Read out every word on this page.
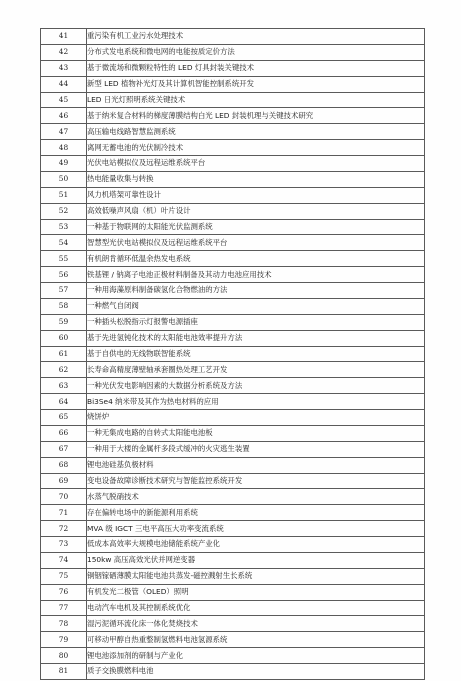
41	重污染有机工业污水处理技术
42	分布式发电系统和微电网的电能按质定价方法
43	基于微流场和微颗粒特性的 LED 灯具封装关键技术
44	新型 LED 植物补光灯及其计算机智能控制系统开发
45	LED 日光灯照明系统关键技术
46	基于纳米复合材料的梯度薄膜结构白光 LED 封装机理与关键技术研究
47	高压输电线路智慧监测系统
48	离网无蓄电池的光伏制冷技术
49	光伏电站模拟仪及远程运维系统平台
50	热电能量收集与转换
51	风力机塔架可靠性设计
52	高效低噪声风扇（机）叶片设计
53	一种基于物联网的太阳能光伏监测系统
54	智慧型光伏电站模拟仪及远程运维系统平台
55	有机朗肯循环低温余热发电系统
56	铁基锂 / 钠离子电池正极材料制备及其动力电池应用技术
57	一种用海藻原料制备碳氢化合物燃油的方法
58	一种燃气自闭阀
59	一种插头松脱指示灯报警电源插座
60	基于先进氢钝化技术的太阳能电池效率提升方法
61	基于自供电的无线物联智能系统
62	长寿命高精度薄壁轴承套圈热处理工艺开发
63	一种光伏发电影响因素的大数据分析系统及方法
64	Bi3Se4 纳米带及其作为热电材料的应用
65	烧饼炉
66	一种无集成电路的自转式太阳能电池板
67	一种用于大楼的金属杆多段式缓冲的火灾逃生装置
68	锂电池硅基负极材料
69	变电设备故障诊断技术研究与智能监控系统开发
70	水蒸气脱硝技术
71	存在偏转电场中的新能源利用系统
72	MVA 级 IGCT 三电平高压大功率变流系统
73	低成本高效率大规模电池储能系统产业化
74	150kw 高压高效光伏并网逆变器
75	铜铟镓硒薄膜太阳能电池共蒸发-磁控溅射生长系统
76	有机发光二极管（OLED）照明
77	电动汽车电机及其控制系统优化
78	湿污泥循环流化床一体化焚烧技术
79	可移动甲醇自热重整制氢燃料电池氢源系统
80	锂电池添加剂的研制与产业化
81	质子交换膜燃料电池
